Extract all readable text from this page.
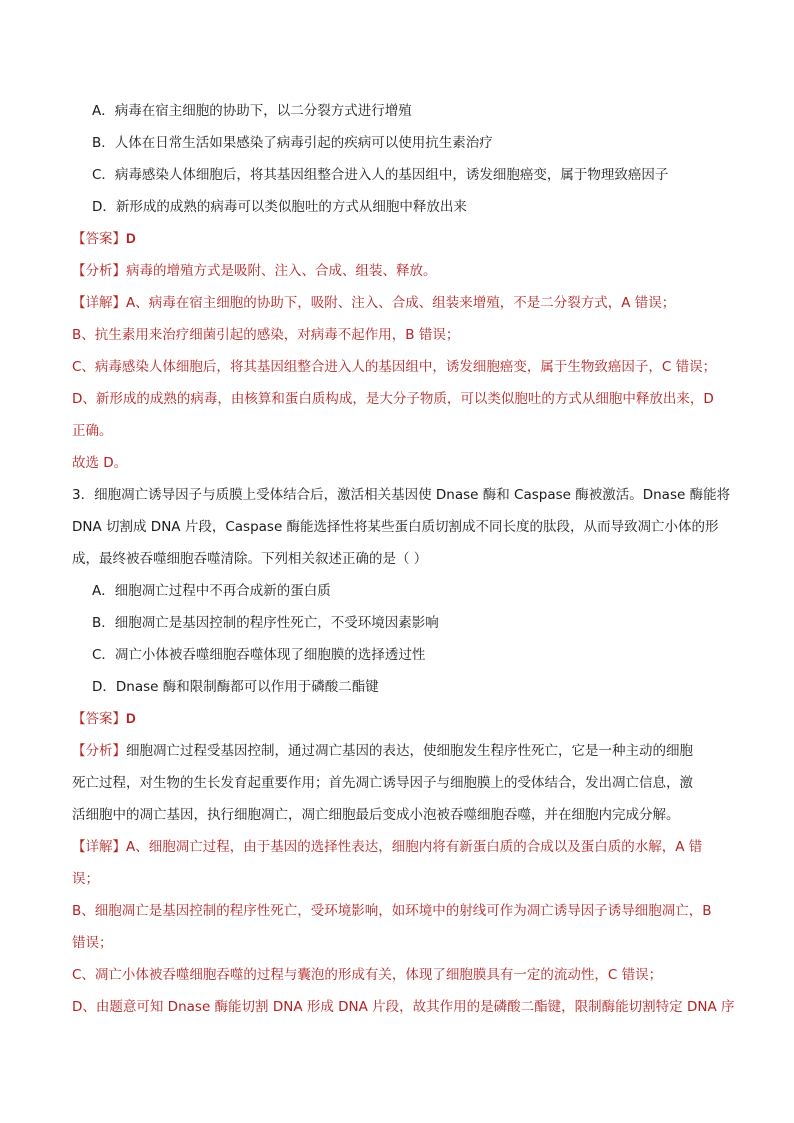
A．病毒在宿主细胞的协助下，以二分裂方式进行增殖
B．人体在日常生活如果感染了病毒引起的疾病可以使用抗生素治疗
C．病毒感染人体细胞后，将其基因组整合进入人的基因组中，诱发细胞癌变，属于物理致癌因子
D．新形成的成熟的病毒可以类似胞吐的方式从细胞中释放出来
【答案】D
【分析】病毒的增殖方式是吸附、注入、合成、组装、释放。
【详解】A、病毒在宿主细胞的协助下，吸附、注入、合成、组装来增殖，不是二分裂方式，A 错误；
B、抗生素用来治疗细菌引起的感染，对病毒不起作用，B 错误；
C、病毒感染人体细胞后，将其基因组整合进入人的基因组中，诱发细胞癌变，属于生物致癌因子，C 错误；
D、新形成的成熟的病毒，由核算和蛋白质构成，是大分子物质，可以类似胞吐的方式从细胞中释放出来，D
正确。
故选 D。
3．细胞凋亡诱导因子与质膜上受体结合后，激活相关基因使 Dnase 酶和 Caspase 酶被激活。Dnase 酶能将
DNA 切割成 DNA 片段，Caspase 酶能选择性将某些蛋白质切割成不同长度的肽段，从而导致凋亡小体的形
成，最终被吞噬细胞吞噬清除。下列相关叙述正确的是（ ）
A．细胞凋亡过程中不再合成新的蛋白质
B．细胞凋亡是基因控制的程序性死亡，不受环境因素影响
C．凋亡小体被吞噬细胞吞噬体现了细胞膜的选择透过性
D．Dnase 酶和限制酶都可以作用于磷酸二酯键
【答案】D
【分析】细胞凋亡过程受基因控制，通过凋亡基因的表达，使细胞发生程序性死亡，它是一种主动的细胞
死亡过程，对生物的生长发育起重要作用；首先凋亡诱导因子与细胞膜上的受体结合，发出凋亡信息，激
活细胞中的凋亡基因，执行细胞凋亡，凋亡细胞最后变成小泡被吞噬细胞吞噬，并在细胞内完成分解。
【详解】A、细胞凋亡过程，由于基因的选择性表达，细胞内将有新蛋白质的合成以及蛋白质的水解，A 错
误；
B、细胞凋亡是基因控制的程序性死亡，受环境影响，如环境中的射线可作为凋亡诱导因子诱导细胞凋亡，B
错误；
C、凋亡小体被吞噬细胞吞噬的过程与囊泡的形成有关，体现了细胞膜具有一定的流动性，C 错误；
D、由题意可知 Dnase 酶能切割 DNA 形成 DNA 片段，故其作用的是磷酸二酯键，限制酶能切割特定 DNA 序
